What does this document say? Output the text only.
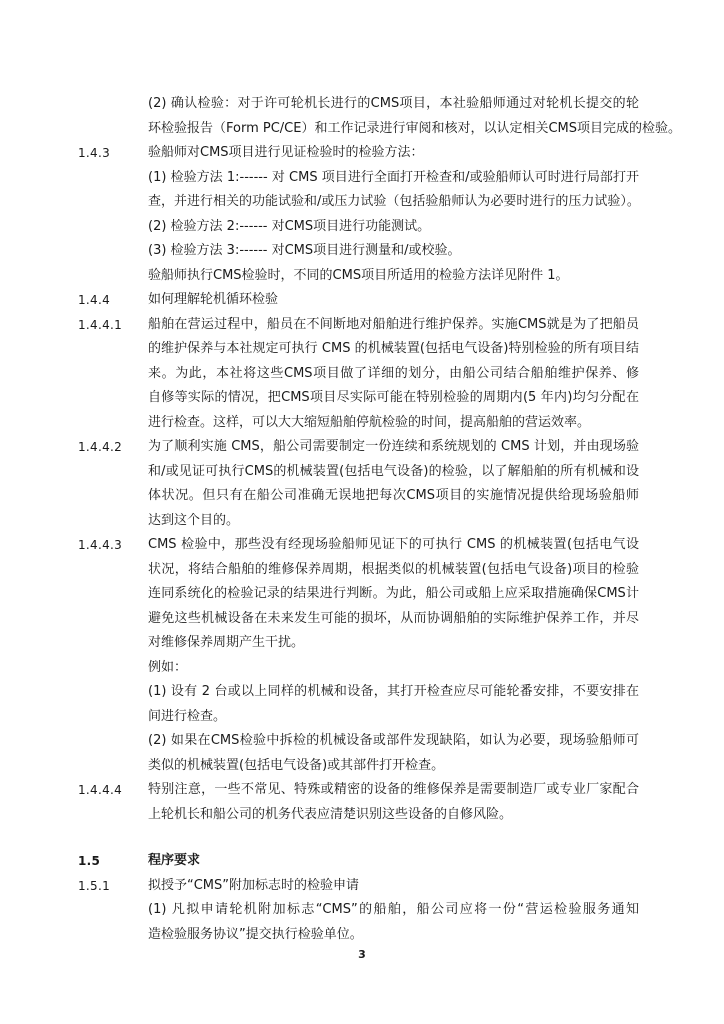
(2) 确认检验：对于许可轮机长进行的CMS项目，本社验船师通过对轮机长提交的轮
环检验报告（Form PC/CE）和工作记录进行审阅和核对，以认定相关CMS项目完成的检验。
1.4.3	验船师对CMS项目进行见证检验时的检验方法：
(1) 检验方法 1:------ 对 CMS 项目进行全面打开检查和/或验船师认可时进行局部打开
查，并进行相关的功能试验和/或压力试验（包括验船师认为必要时进行的压力试验）。
(2) 检验方法 2:------ 对CMS项目进行功能测试。
(3) 检验方法 3:------ 对CMS项目进行测量和/或校验。
验船师执行CMS检验时，不同的CMS项目所适用的检验方法详见附件 1。
1.4.4	如何理解轮机循环检验
1.4.4.1 船舶在营运过程中，船员在不间断地对船舶进行维护保养。实施CMS就是为了把船员
的维护保养与本社规定可执行 CMS 的机械装置(包括电气设备)特别检验的所有项目结
来。为此，本社将这些CMS项目做了详细的划分，由船公司结合船舶维护保养、修
自修等实际的情况，把CMS项目尽实际可能在特别检验的周期内(5 年内)均匀分配在
进行检查。这样，可以大大缩短船舶停航检验的时间，提高船舶的营运效率。
1.4.4.2 为了顺利实施 CMS，船公司需要制定一份连续和系统规划的 CMS 计划，并由现场验
和/或见证可执行CMS的机械装置(包括电气设备)的检验，以了解船舶的所有机械和设
体状况。但只有在船公司准确无误地把每次CMS项目的实施情况提供给现场验船师
达到这个目的。
1.4.4.3 CMS 检验中，那些没有经现场验船师见证下的可执行 CMS 的机械装置(包括电气设
状况，将结合船舶的维修保养周期，根据类似的机械装置(包括电气设备)项目的检验
连同系统化的检验记录的结果进行判断。为此，船公司或船上应采取措施确保CMS计
避免这些机械设备在未来发生可能的损坏，从而协调船舶的实际维护保养工作，并尽
对维修保养周期产生干扰。
例如：
(1) 设有 2 台或以上同样的机械和设备，其打开检查应尽可能轮番安排，不要安排在
间进行检查。
(2) 如果在CMS检验中拆检的机械设备或部件发现缺陷，如认为必要，现场验船师可
类似的机械装置(包括电气设备)或其部件打开检查。
1.4.4.4 特别注意，一些不常见、特殊或精密的设备的维修保养是需要制造厂或专业厂家配合
上轮机长和船公司的机务代表应清楚识别这些设备的自修风险。
1.5	程序要求
1.5.1	拟授予“CMS”附加标志时的检验申请
(1) 凡拟申请轮机附加标志“CMS”的船舶，船公司应将一份“营运检验服务通知
造检验服务协议”提交执行检验单位。
3
